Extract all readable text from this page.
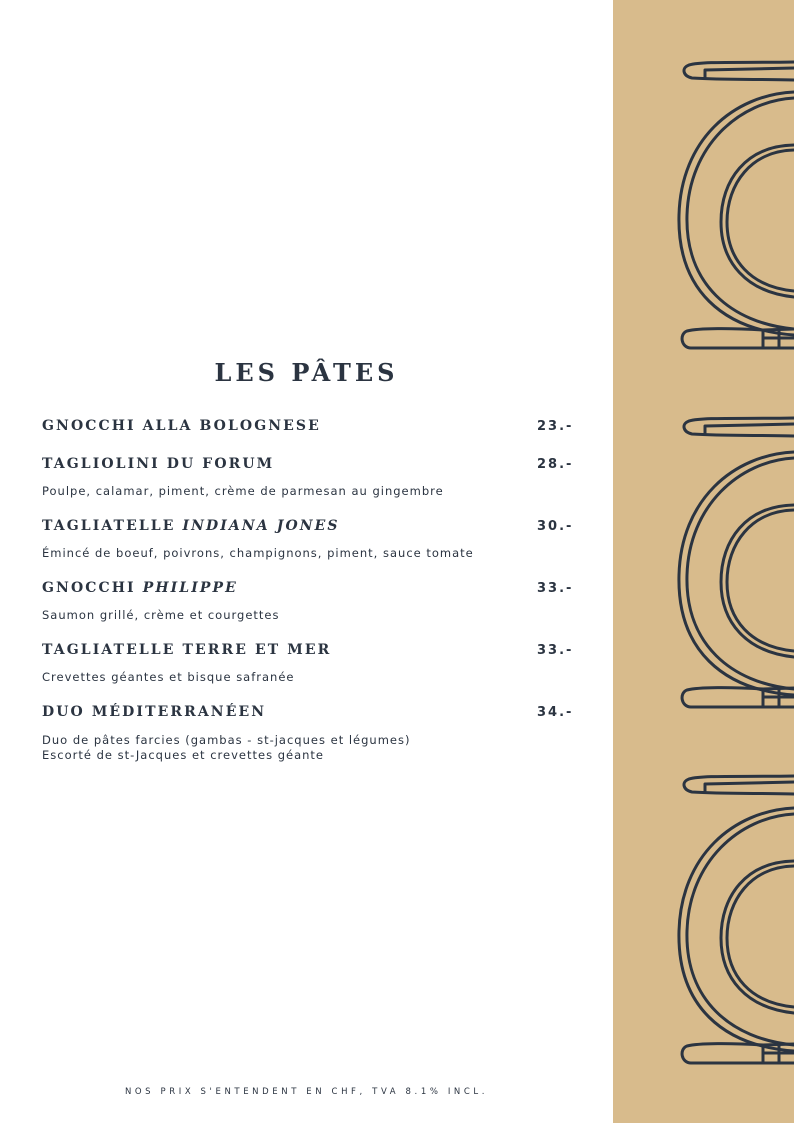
LES PÂTES
GNOCCHI ALLA BOLOGNESE	23.-
TAGLIOLINI DU FORUM	28.-
Poulpe, calamar, piment, crème de parmesan au gingembre
TAGLIATELLE INDIANA JONES	30.-
Émincé de boeuf, poivrons, champignons, piment, sauce tomate
GNOCCHI PHILIPPE	33.-
Saumon grillé, crème et courgettes
TAGLIATELLE TERRE ET MER	33.-
Crevettes géantes et bisque safranée
DUO MÉDITERRANÉEN	34.-
Duo de pâtes farcies (gambas - st-jacques et légumes)
Escorté de st-Jacques et crevettes géante
NOS PRIX S'ENTENDENT EN CHF, TVA 8.1% INCL.
